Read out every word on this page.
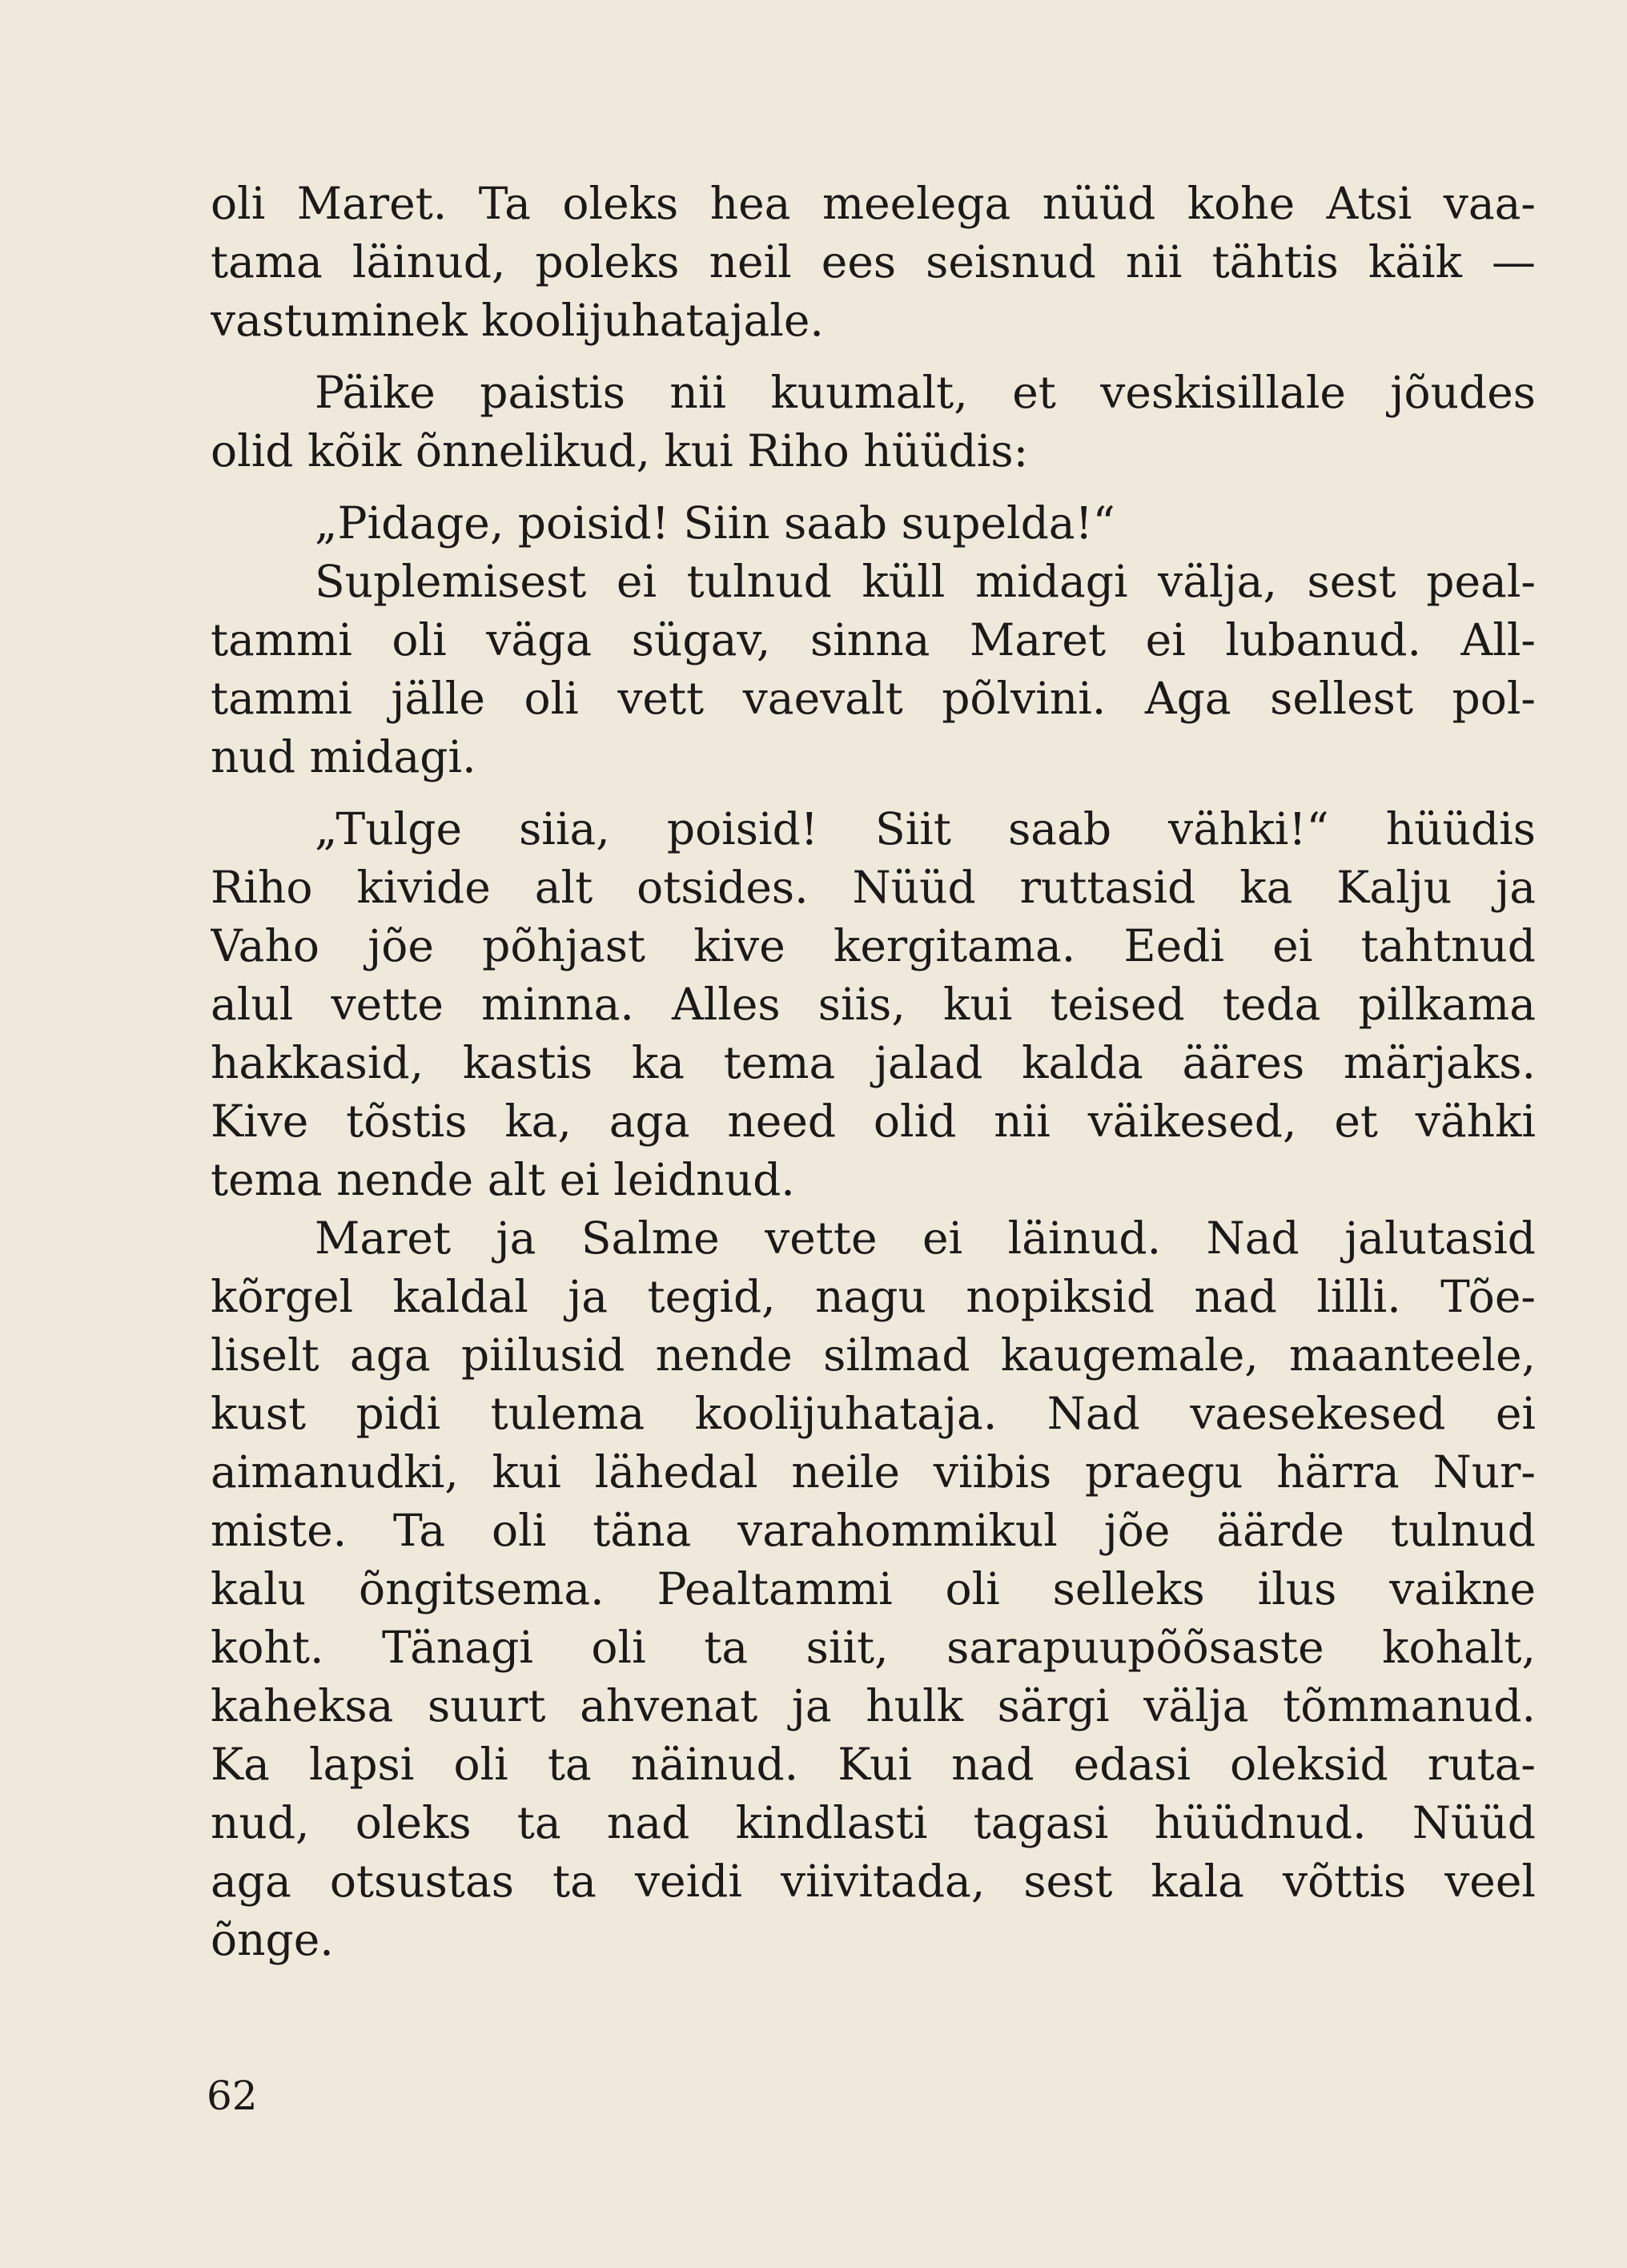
oli Maret. Ta oleks hea meelega nüüd kohe Atsi vaa-
tama läinud, poleks neil ees seisnud nii tähtis käik —
vastuminek koolijuhatajale.
Päike paistis nii kuumalt, et veskisillale jõudes
olid kõik õnnelikud, kui Riho hüüdis:
„Pidage, poisid! Siin saab supelda!“
Suplemisest ei tulnud küll midagi välja, sest peal-
tammi oli väga sügav, sinna Maret ei lubanud. All-
tammi jälle oli vett vaevalt põlvini. Aga sellest pol-
nud midagi.
„Tulge siia, poisid! Siit saab vähki!“ hüüdis
Riho kivide alt otsides. Nüüd ruttasid ka Kalju ja
Vaho jõe põhjast kive kergitama. Eedi ei tahtnud
alul vette minna. Alles siis, kui teised teda pilkama
hakkasid, kastis ka tema jalad kalda ääres märjaks.
Kive tõstis ka, aga need olid nii väikesed, et vähki
tema nende alt ei leidnud.
Maret ja Salme vette ei läinud. Nad jalutasid
kõrgel kaldal ja tegid, nagu nopiksid nad lilli. Tõe-
liselt aga piilusid nende silmad kaugemale, maanteele,
kust pidi tulema koolijuhataja. Nad vaesekesed ei
aimanudki, kui lähedal neile viibis praegu härra Nur-
miste. Ta oli täna varahommikul jõe äärde tulnud
kalu õngitsema. Pealtammi oli selleks ilus vaikne
koht. Tänagi oli ta siit, sarapuupõõsaste kohalt,
kaheksa suurt ahvenat ja hulk särgi välja tõmmanud.
Ka lapsi oli ta näinud. Kui nad edasi oleksid ruta-
nud, oleks ta nad kindlasti tagasi hüüdnud. Nüüd
aga otsustas ta veidi viivitada, sest kala võttis veel
õnge.
62
